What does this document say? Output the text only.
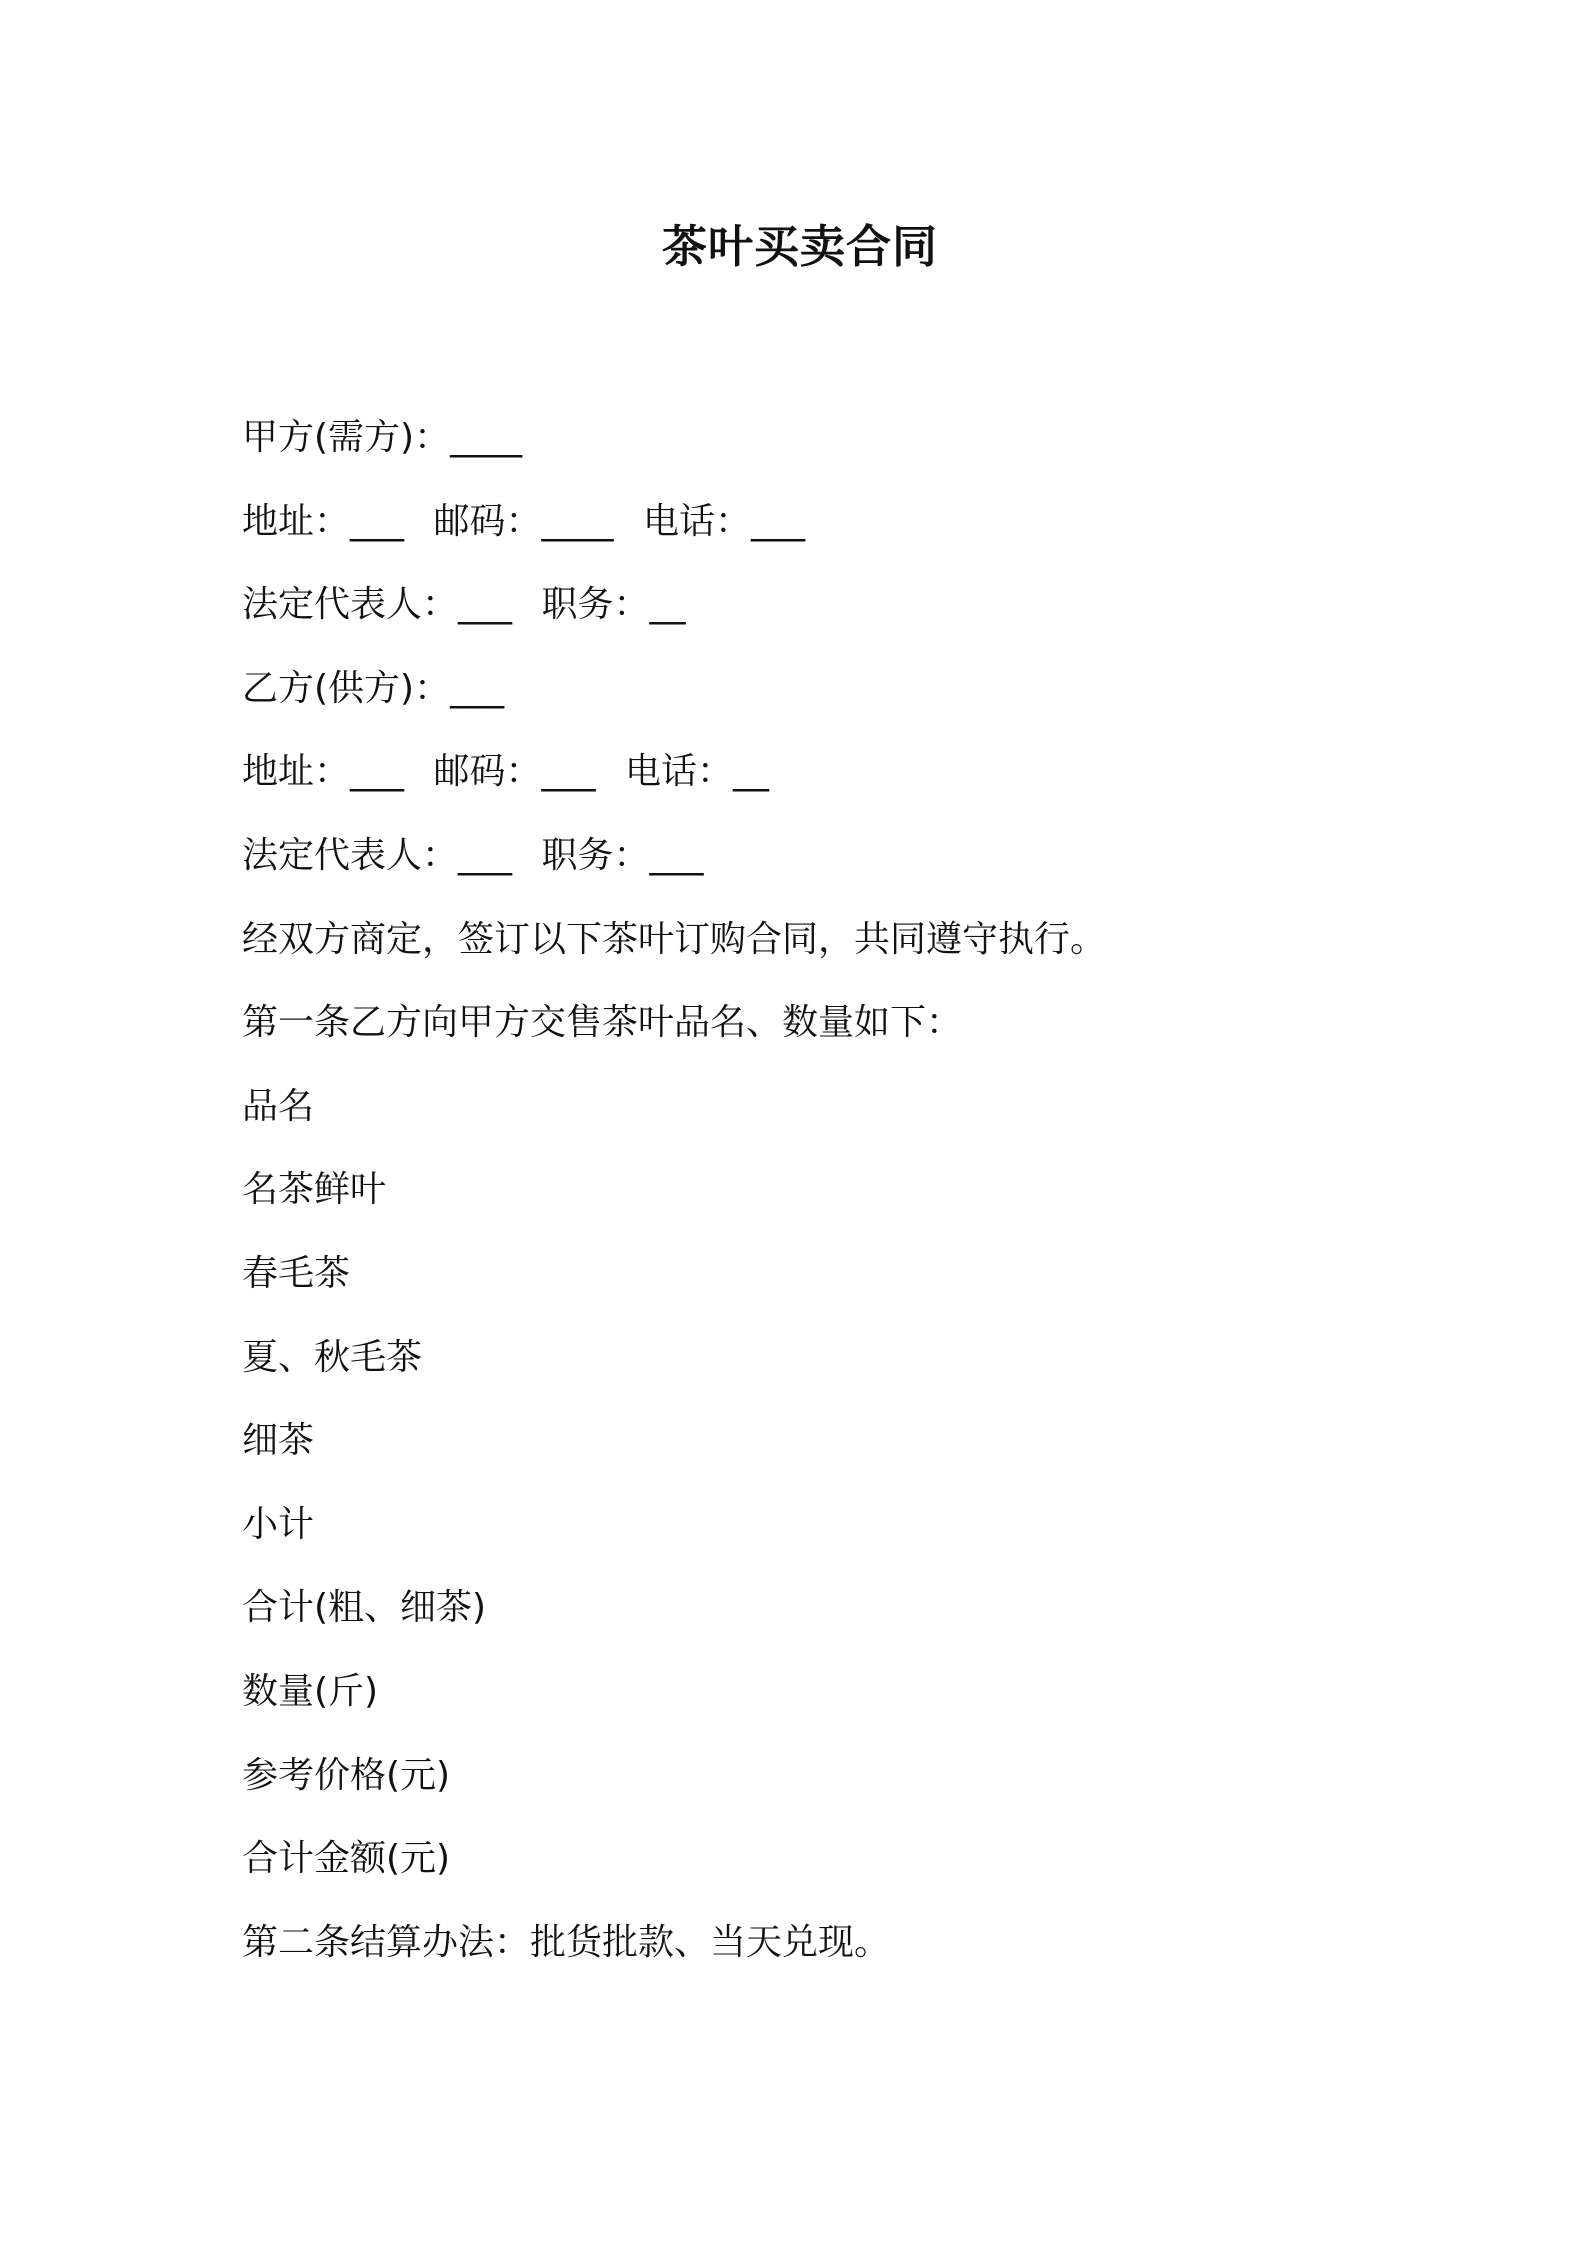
茶叶买卖合同
甲方(需方)：____
地址：___ 邮码：____ 电话：___
法定代表人：___ 职务：__
乙方(供方)：___
地址：___ 邮码：___ 电话：__
法定代表人：___ 职务：___
经双方商定，签订以下茶叶订购合同，共同遵守执行。
第一条乙方向甲方交售茶叶品名、数量如下：
品名
名茶鲜叶
春毛茶
夏、秋毛茶
细茶
小计
合计(粗、细茶)
数量(斤)
参考价格(元)
合计金额(元)
第二条结算办法：批货批款、当天兑现。
